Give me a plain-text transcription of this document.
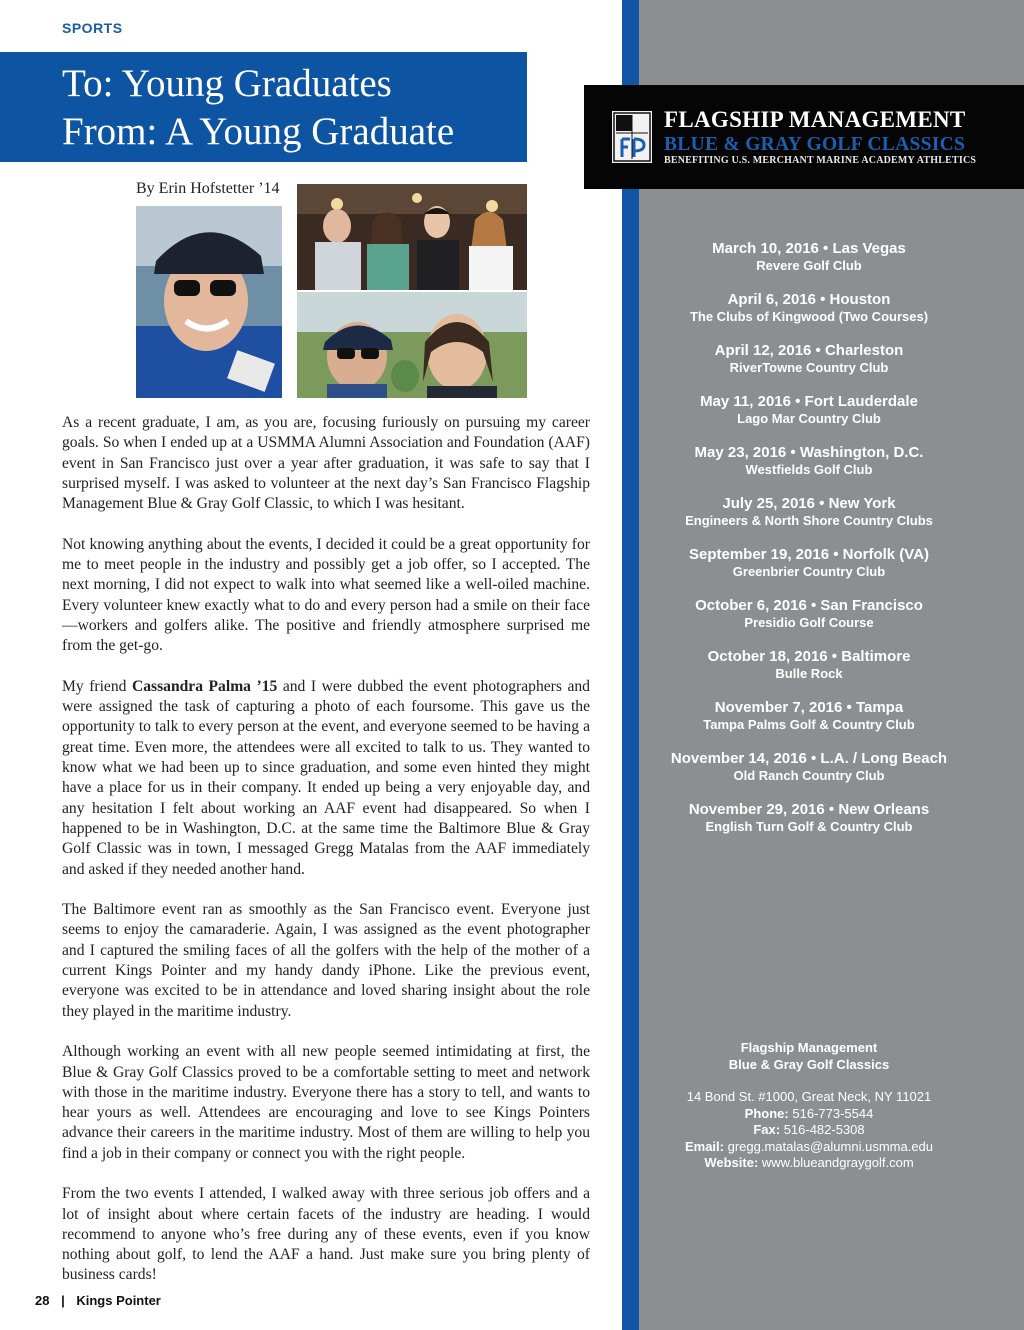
SPORTS
To: Young Graduates
From: A Young Graduate
By Erin Hofstetter ’14

As a recent graduate, I am, as you are, focusing furiously on pursuing my career goals. So when I ended up at a USMMA Alumni Association and Foundation (AAF) event in San Francisco just over a year after graduation, it was safe to say that I surprised myself. I was asked to volunteer at the next day’s San Francisco Flagship Management Blue & Gray Golf Classic, to which I was hesitant.

Not knowing anything about the events, I decided it could be a great opportunity for me to meet people in the industry and possibly get a job offer, so I accepted. The next morning, I did not expect to walk into what seemed like a well-oiled machine. Every volunteer knew exactly what to do and every person had a smile on their face—workers and golfers alike. The positive and friendly atmosphere surprised me from the get-go.

My friend Cassandra Palma ’15 and I were dubbed the event photographers and were assigned the task of capturing a photo of each foursome. This gave us the opportunity to talk to every person at the event, and everyone seemed to be having a great time. Even more, the attendees were all excited to talk to us. They wanted to know what we had been up to since graduation, and some even hinted they might have a place for us in their company. It ended up being a very enjoyable day, and any hesitation I felt about working an AAF event had disappeared. So when I happened to be in Washington, D.C. at the same time the Baltimore Blue & Gray Golf Classic was in town, I messaged Gregg Matalas from the AAF immediately and asked if they needed another hand.

The Baltimore event ran as smoothly as the San Francisco event. Everyone just seems to enjoy the camaraderie. Again, I was assigned as the event photographer and I captured the smiling faces of all the golfers with the help of the mother of a current Kings Pointer and my handy dandy iPhone. Like the previous event, everyone was excited to be in attendance and loved sharing insight about the role they played in the maritime industry.

Although working an event with all new people seemed intimidating at first, the Blue & Gray Golf Classics proved to be a comfortable setting to meet and network with those in the maritime industry. Everyone there has a story to tell, and wants to hear yours as well. Attendees are encouraging and love to see Kings Pointers advance their careers in the maritime industry. Most of them are willing to help you find a job in their company or connect you with the right people.

From the two events I attended, I walked away with three serious job offers and a lot of insight about where certain facets of the industry are heading. I would recommend to anyone who’s free during any of these events, even if you know nothing about golf, to lend the AAF a hand. Just make sure you bring plenty of business cards!

28 | Kings Pointer
FLAGSHIP MANAGEMENT
BLUE & GRAY GOLF CLASSICS
BENEFITING U.S. MERCHANT MARINE ACADEMY ATHLETICS
March 10, 2016 • Las Vegas
Revere Golf Club
April 6, 2016 • Houston
The Clubs of Kingwood (Two Courses)
April 12, 2016 • Charleston
RiverTowne Country Club
May 11, 2016 • Fort Lauderdale
Lago Mar Country Club
May 23, 2016 • Washington, D.C.
Westfields Golf Club
July 25, 2016 • New York
Engineers & North Shore Country Clubs
September 19, 2016 • Norfolk (VA)
Greenbrier Country Club
October 6, 2016 • San Francisco
Presidio Golf Course
October 18, 2016 • Baltimore
Bulle Rock
November 7, 2016 • Tampa
Tampa Palms Golf & Country Club
November 14, 2016 • L.A. / Long Beach
Old Ranch Country Club
November 29, 2016 • New Orleans
English Turn Golf & Country Club
Flagship Management
Blue & Gray Golf Classics
14 Bond St. #1000, Great Neck, NY 11021
Phone: 516-773-5544
Fax: 516-482-5308
Email: gregg.matalas@alumni.usmma.edu
Website: www.blueandgraygolf.com
